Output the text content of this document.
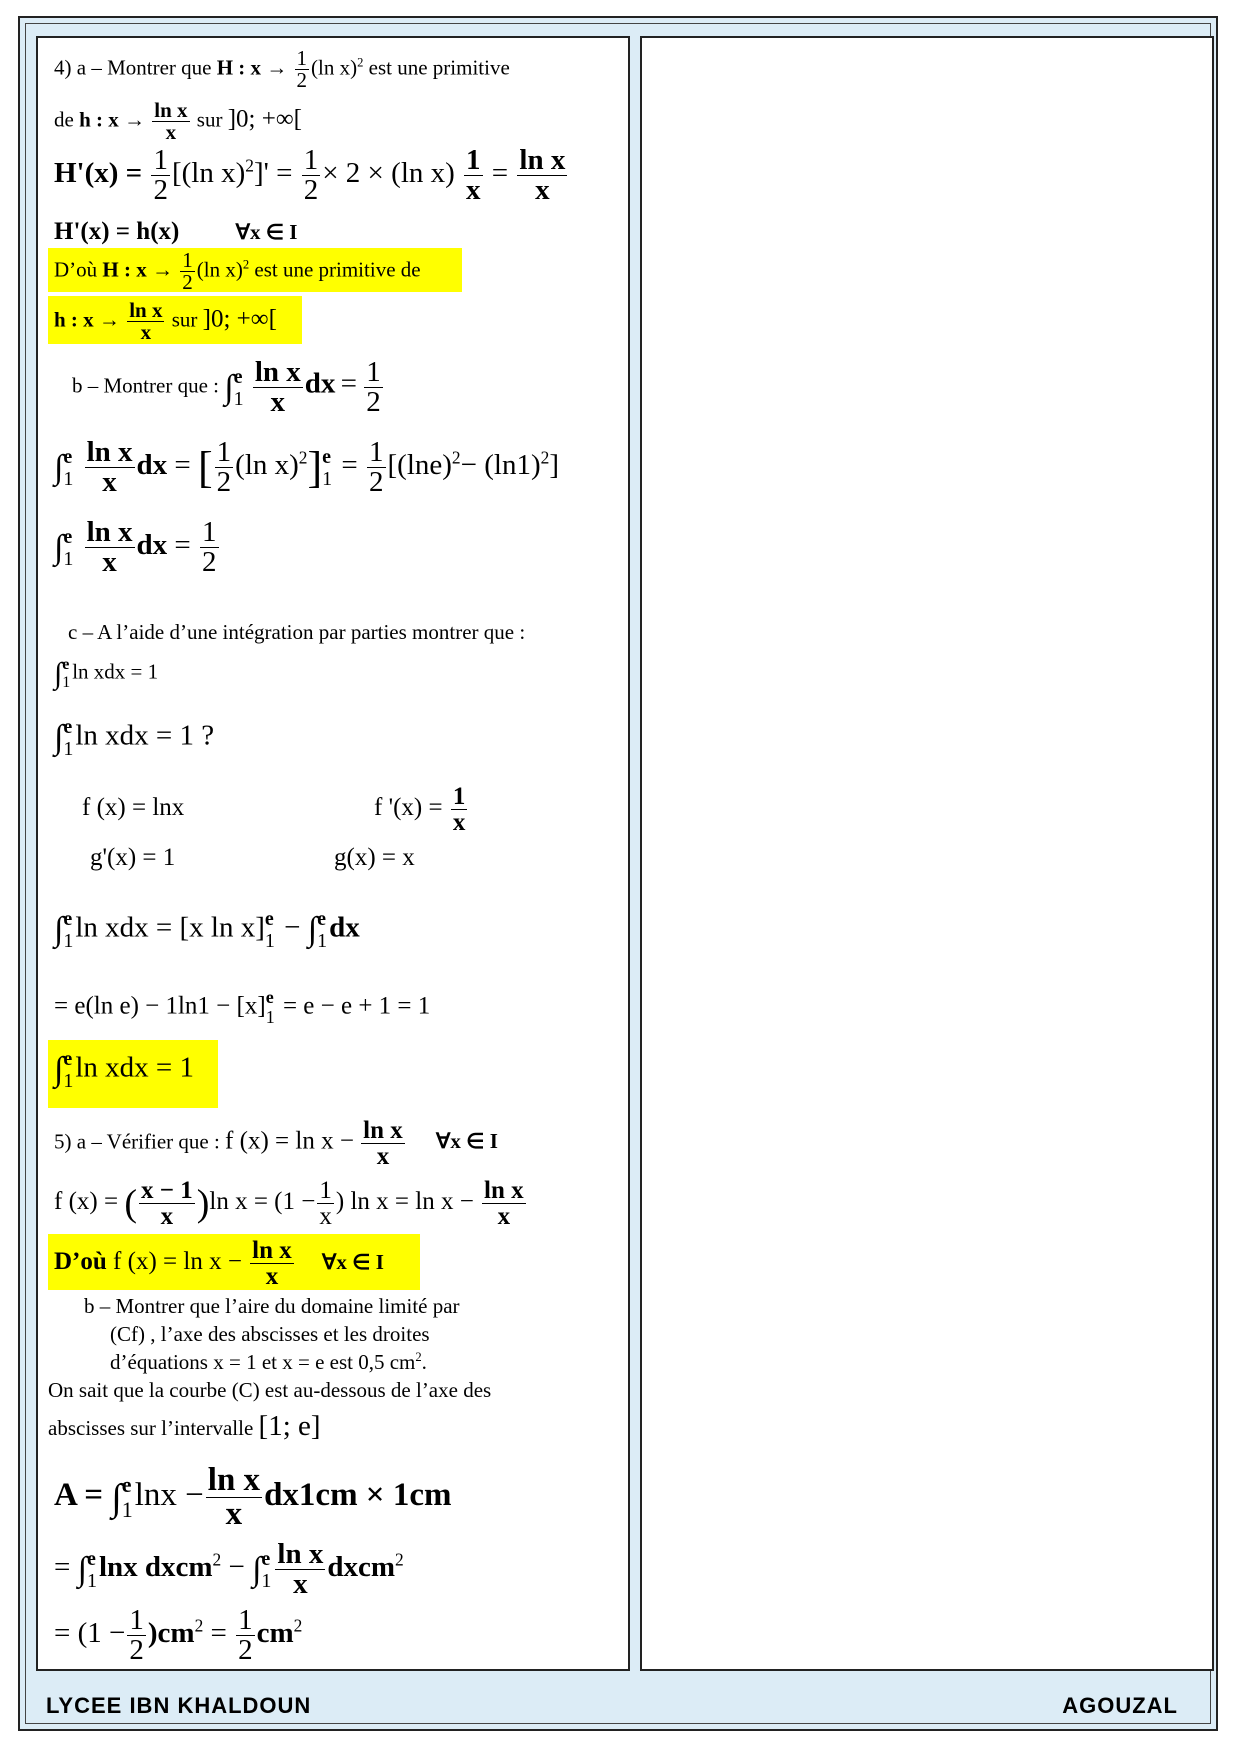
4) a – Montrer que H : $x \to \frac{1}{2} (\ln$ x)$^2$ est une primitive
de h : $x \to \frac{\text{ln x}}{x}$ sur ]0; +∞[
$H'(x) = \frac{1}{2} [(\ln$ $x)^2]' = \frac{1}{2} \times 2 \times (\ln$ $x) \frac{1}{x} = \frac{\text{ln x}}{x}$
H'(x) = h(x)	∀x ∈ I
D’où H : $x \to \frac{1}{2} (\ln$ x)$^2$ est une primitive de
h : $x \to \frac{\text{ln x}}{x}$ sur ]0; +∞[
b – Montrer que : ∫ e
1
$\frac{\text{ln x}}{x}$ dx = $\frac{1}{2}$
∫ e
1
$\frac{\text{ln x}}{x}$ dx = [ $\frac{1}{2} (\ln$ x)$^2$] e
$1 = \frac{1}{2} [(\ln e)^2- (\ln 1)^2]$
∫ e
1
$\frac{\text{ln x}}{x}$ dx = $\frac{1}{2}$
c – A l’aide d’une intégration par parties montrer que :
∫ e
1 ln xdx = 1
∫ e
1 ln xdx = 1 ?
f (x) = lnx	f '$(x) = \frac{1}{x}$
g'(x) = 1	g(x) = x
∫ e
1 ln xdx = [x ln x] e
1 − ∫ e
1 dx
= e(ln e) − 1ln1 − [x] e
1 = e − e + 1 = 1
∫ e
1 ln xdx = 1
5) a – Vérifier que : f $(x) = \ln x - \frac{\text{ln x}}{x}$ ∀x ∈ I
f (x) = ( $\frac{x - 1}{x} )\ln$ $x = (1 - \frac{1}{x}$ ) $\ln x = \ln x - \frac{\text{ln x}}{x}$
D’où f $(x) = \ln x - \frac{\text{ln x}}{x}$ ∀x ∈ I
b – Montrer que l’aire du domaine limité par
(Cf) , l’axe des abscisses et les droites
d’équations x = 1 et x = e est 0,5 $cm^2$.
On sait que la courbe (C) est au-dessous de l’axe des
abscisses sur l’intervalle [1; e]
A = ∫ e
1 $\ln x - \frac{\text{ln x}}{x} dx1cm \times 1cm$
= ∫ e
1 lnx dxcm$^2$ − ∫ e
$1 \frac{\text{ln x}}{x}$ dxcm$^2$
= $(1 - \frac{1}{2} )cm^2 = \frac{1}{2} cm^2$
LYCEE IBN KHALDOUN	AGOUZAL
